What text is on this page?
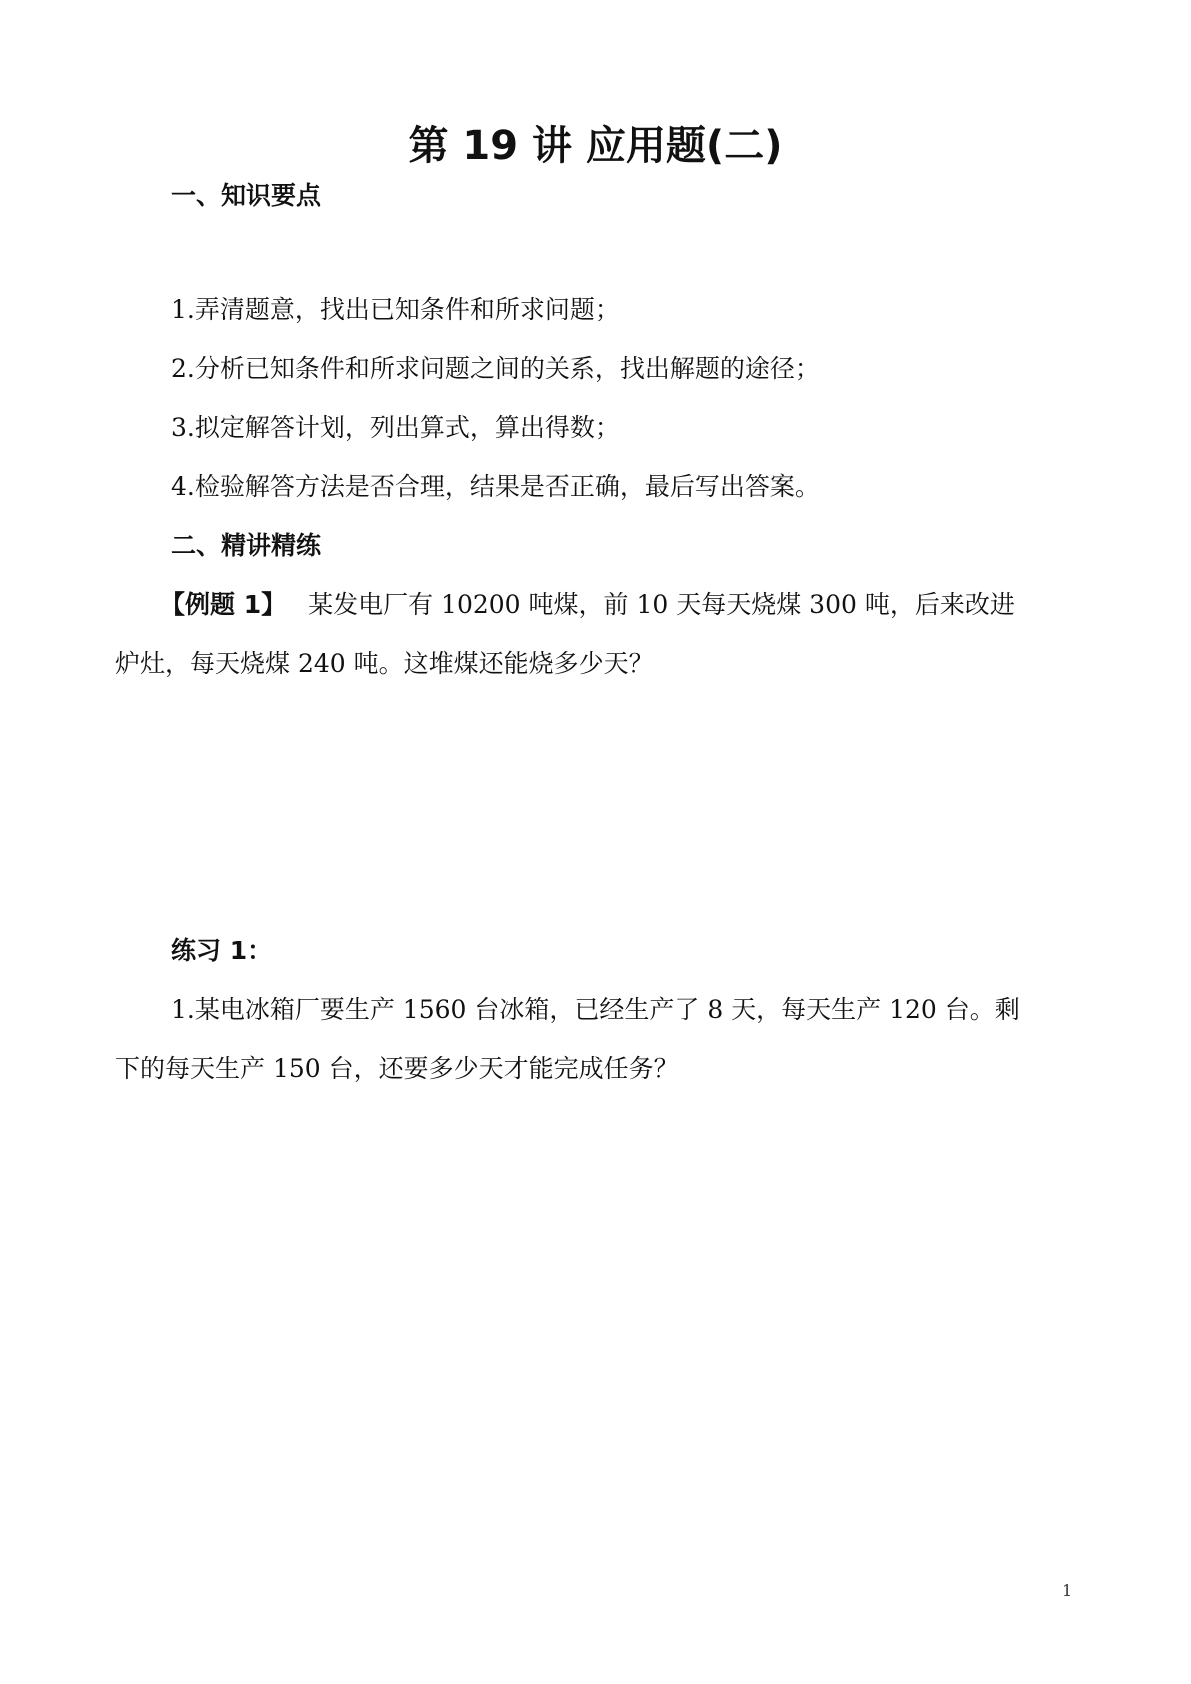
第 19 讲 应用题(二)
一、知识要点
1.弄清题意，找出已知条件和所求问题；
2.分析已知条件和所求问题之间的关系，找出解题的途径；
3.拟定解答计划，列出算式，算出得数；
4.检验解答方法是否合理，结果是否正确，最后写出答案。
二、精讲精练
【例题 1】 某发电厂有 10200 吨煤，前 10 天每天烧煤 300 吨，后来改进
炉灶，每天烧煤 240 吨。这堆煤还能烧多少天？
练习 1：
1.某电冰箱厂要生产 1560 台冰箱，已经生产了 8 天，每天生产 120 台。剩
下的每天生产 150 台，还要多少天才能完成任务？
1
